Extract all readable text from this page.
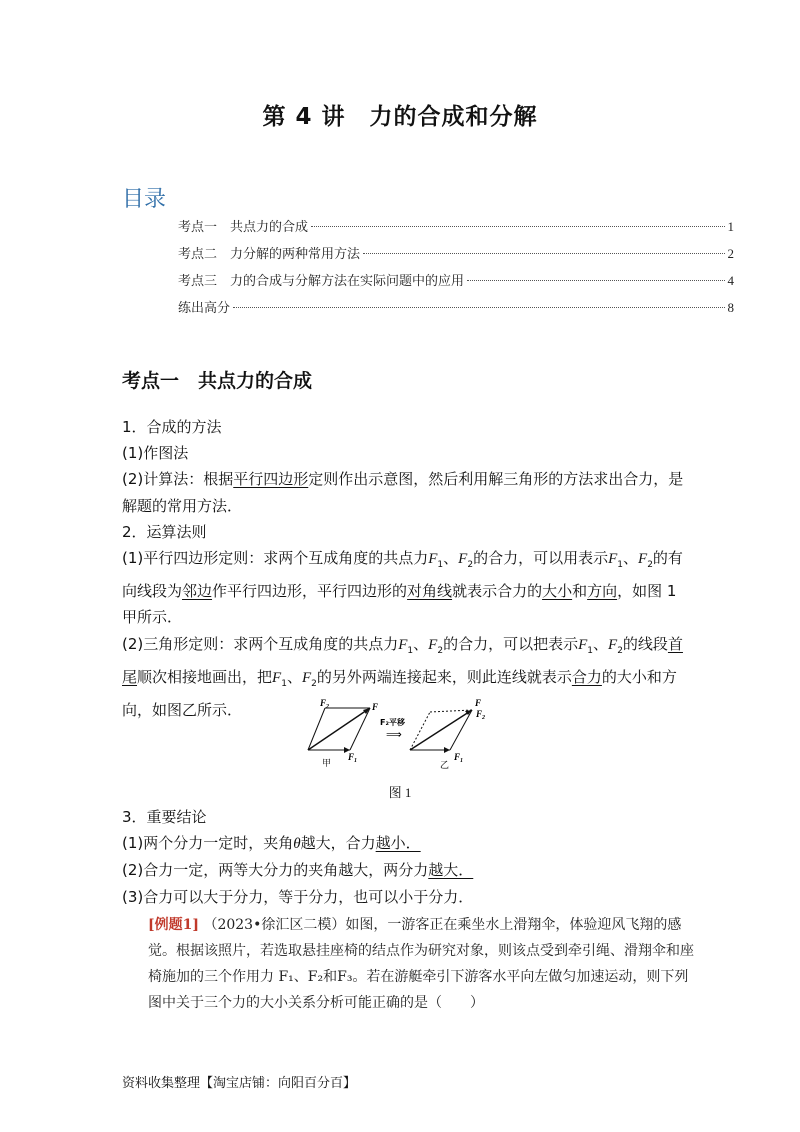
第 4 讲　力的合成和分解
目录
考点一　共点力的合成	1
考点二　力分解的两种常用方法	2
考点三　力的合成与分解方法在实际问题中的应用	4
练出高分	8
考点一　共点力的合成

1．合成的方法

(1)作图法

(2)计算法：根据平行四边形定则作出示意图，然后利用解三角形的方法求出合力，是解题的常用方法．

2．运算法则

(1)平行四边形定则：求两个互成角度的共点力$F_1$、$F_2$的合力，可以用表示$F_1$、$F_2$的有向线段为邻边作平行四边形，平行四边形的对角线就表示合力的大小和方向，如图 1 甲所示．

(2)三角形定则：求两个互成角度的共点力$F_1$、$F_2$的合力，可以把表示$F_1$、$F_2$的线段首尾顺次相接地画出，把$F_1$、$F_2$的另外两端连接起来，则此连线就表示合力的大小和方向，如图乙所示．	$F_2$	F
$F_1$
甲
F₂平移
⟹
F
$F_2$
$F_1$
乙
图 1

3．重要结论

(1)两个分力一定时，夹角θ越大，合力越小．

(2)合力一定，两等大分力的夹角越大，两分力越大．

(3)合力可以大于分力，等于分力，也可以小于分力．

[例题1] （2023•徐汇区二模）如图，一游客正在乘坐水上滑翔伞，体验迎风飞翔的感觉。根据该照片，若选取悬挂座椅的结点作为研究对象，则该点受到牵引绳、滑翔伞和座椅施加的三个作用力 F₁、F₂和F₃。若在游艇牵引下游客水平向左做匀加速运动，则下列图中关于三个力的大小关系分析可能正确的是（　　）
资料收集整理【淘宝店铺：向阳百分百】
